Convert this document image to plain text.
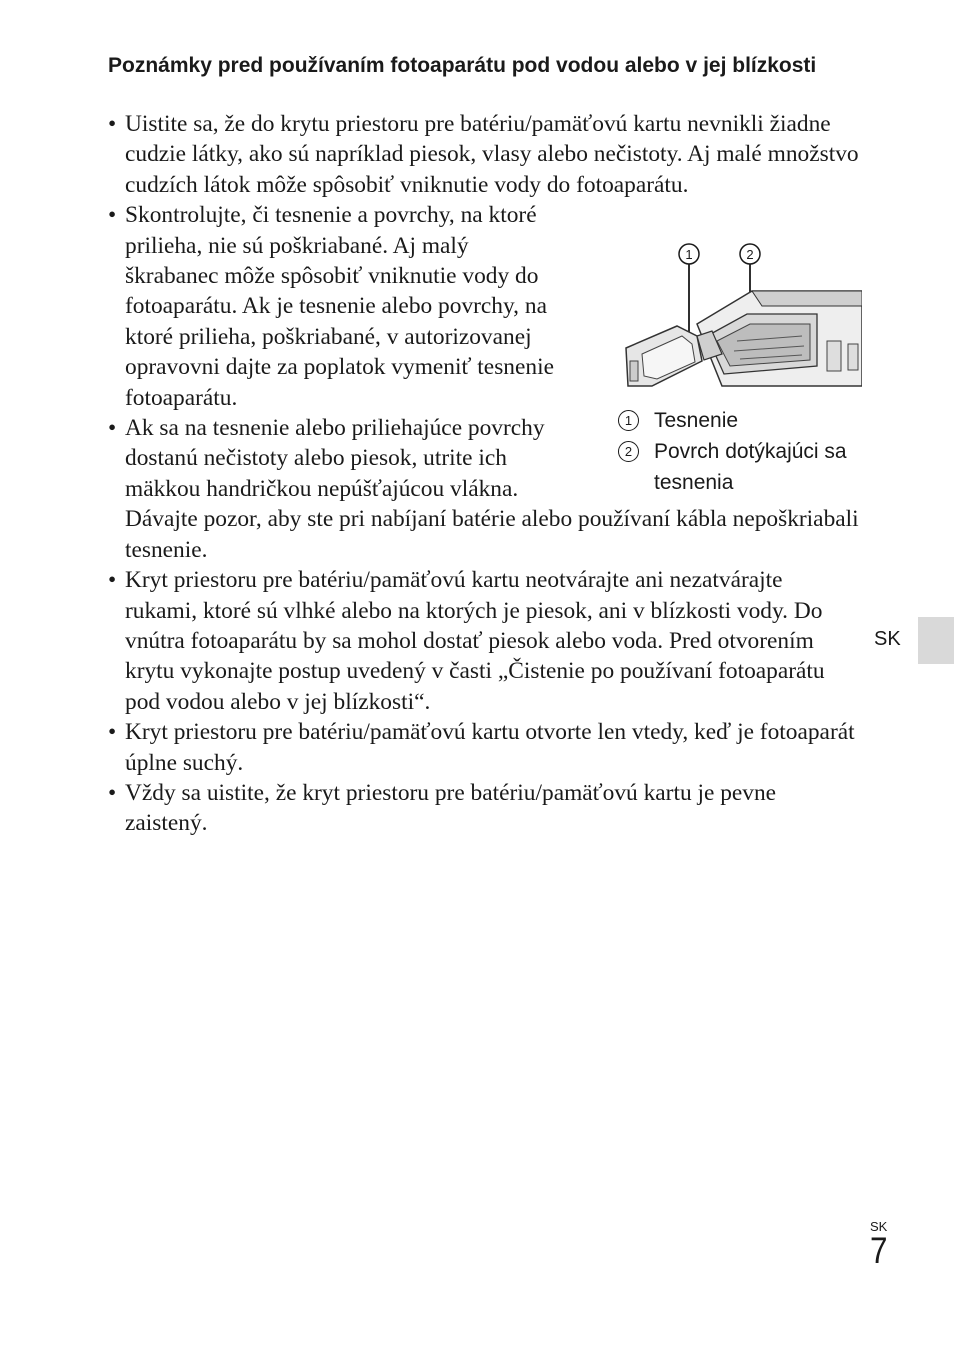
Poznámky pred používaním fotoaparátu pod vodou alebo v jej blízkosti
• Uistite sa, že do krytu priestoru pre batériu/pamäťovú kartu nevnikli žiadne cudzie látky, ako sú napríklad piesok, vlasy alebo nečistoty. Aj malé množstvo cudzích látok môže spôsobiť vniknutie vody do fotoaparátu.
• Skontrolujte, či tesnenie a povrchy, na ktoré prilieha, nie sú poškriabané. Aj malý škrabanec môže spôsobiť vniknutie vody do fotoaparátu. Ak je tesnenie alebo povrchy, na ktoré prilieha, poškriabané, v autorizovanej opravovni dajte za poplatok vymeniť tesnenie fotoaparátu.
• Ak sa na tesnenie alebo priliehajúce povrchy dostanú nečistoty alebo piesok, utrite ich mäkkou handričkou nepúšťajúcou vlákna. Dávajte pozor, aby ste pri nabíjaní batérie alebo používaní kábla nepoškriabali tesnenie.
• Kryt priestoru pre batériu/pamäťovú kartu neotvárajte ani nezatvárajte rukami, ktoré sú vlhké alebo na ktorých je piesok, ani v blízkosti vody. Do vnútra fotoaparátu by sa mohol dostať piesok alebo voda. Pred otvorením krytu vykonajte postup uvedený v časti „Čistenie po používaní fotoaparátu pod vodou alebo v jej blízkosti“.
• Kryt priestoru pre batériu/pamäťovú kartu otvorte len vtedy, keď je fotoaparát úplne suchý.
• Vždy sa uistite, že kryt priestoru pre batériu/pamäťovú kartu je pevne zaistený.
1	2
1	Tesnenie
2	Povrch dotýkajúci sa tesnenia
SK
SK
7
